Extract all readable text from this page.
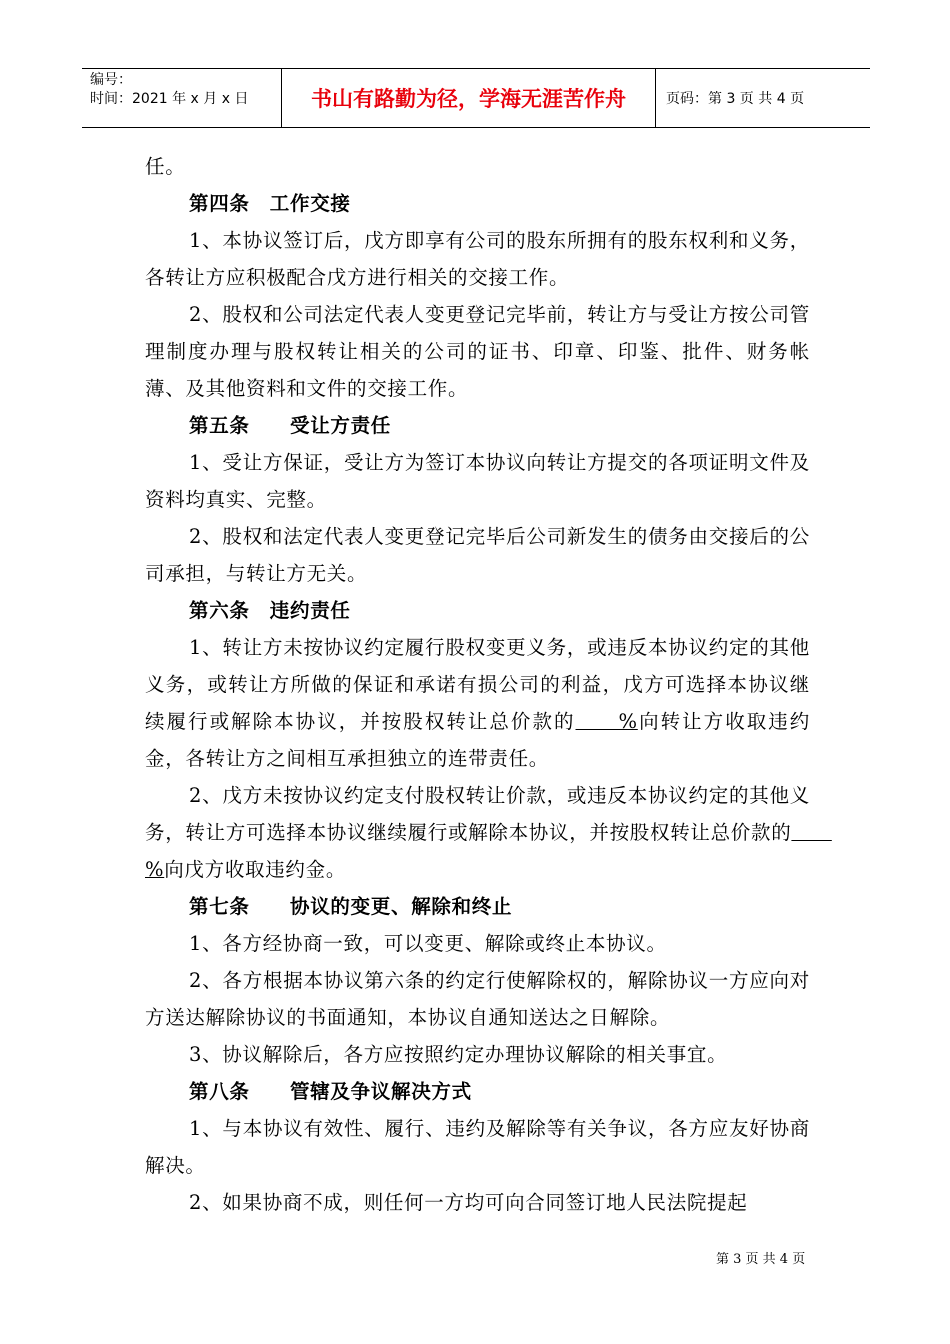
编号：
时间：2021 年 x 月 x 日	书山有路勤为径，学海无涯苦作舟	页码：第 3 页 共 4 页

任。

第四条　工作交接

1、本协议签订后，戊方即享有公司的股东所拥有的股东权利和义务，各转让方应积极配合戊方进行相关的交接工作。

2、股权和公司法定代表人变更登记完毕前，转让方与受让方按公司管理制度办理与股权转让相关的公司的证书、印章、印鉴、批件、财务帐薄、及其他资料和文件的交接工作。

第五条　　受让方责任

1、受让方保证，受让方为签订本协议向转让方提交的各项证明文件及资料均真实、完整。

2、股权和法定代表人变更登记完毕后公司新发生的债务由交接后的公司承担，与转让方无关。

第六条　违约责任

1、转让方未按协议约定履行股权变更义务，或违反本协议约定的其他义务，或转让方所做的保证和承诺有损公司的利益，戊方可选择本协议继续履行或解除本协议，并按股权转让总价款的　　%向转让方收取违约金，各转让方之间相互承担独立的连带责任。

2、戊方未按协议约定支付股权转让价款，或违反本协议约定的其他义务，转让方可选择本协议继续履行或解除本协议，并按股权转让总价款的　　%向戊方收取违约金。

第七条　　协议的变更、解除和终止

1、各方经协商一致，可以变更、解除或终止本协议。

2、各方根据本协议第六条的约定行使解除权的，解除协议一方应向对方送达解除协议的书面通知，本协议自通知送达之日解除。

3、协议解除后，各方应按照约定办理协议解除的相关事宜。

第八条　　管辖及争议解决方式

1、与本协议有效性、履行、违约及解除等有关争议，各方应友好协商解决。

2、如果协商不成，则任何一方均可向合同签订地人民法院提起

第 3 页 共 4 页
